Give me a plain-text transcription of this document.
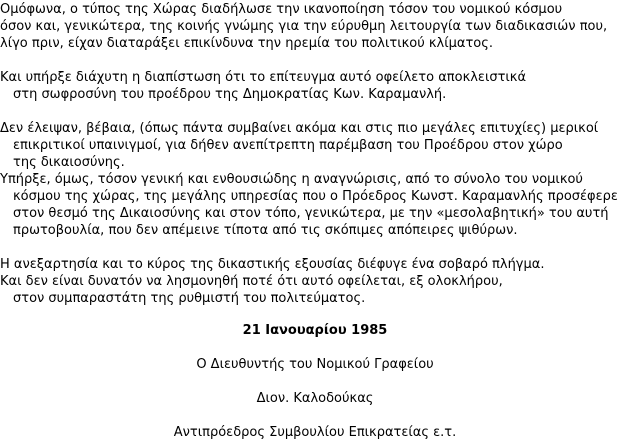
Ομόφωνα, ο τύπος της Χώρας διαδήλωσε την ικανοποίηση τόσον του νομικού κόσμου
όσον και, γενικώτερα, της κοινής γνώμης για την εύρυθμη λειτουργία των διαδικασιών που,
λίγο πριν, είχαν διαταράξει επικίνδυνα την ηρεμία του πολιτικού κλίματος.
Και υπήρξε διάχυτη η διαπίστωση ότι το επίτευγμα αυτό οφείλετο αποκλειστικά
στη σωφροσύνη του προέδρου της Δημοκρατίας Κων. Καραμανλή.
Δεν έλειψαν, βέβαια, (όπως πάντα συμβαίνει ακόμα και στις πιο μεγάλες επιτυχίες) μερικοί
επικριτικοί υπαινιγμοί, για δήθεν ανεπίτρεπτη παρέμβαση του Προέδρου στον χώρο
της δικαιοσύνης.
Υπήρξε, όμως, τόσον γενική και ενθουσιώδης η αναγνώρισις, από το σύνολο του νομικού
κόσμου της χώρας, της μεγάλης υπηρεσίας που ο Πρόεδρος Κωνστ. Καραμανλής προσέφερε
στον θεσμό της Δικαιοσύνης και στον τόπο, γενικώτερα, με την «μεσολαβητική» του αυτή
πρωτοβουλία, που δεν απέμεινε τίποτα από τις σκόπιμες απόπειρες ψιθύρων.
Η ανεξαρτησία και το κύρος της δικαστικής εξουσίας διέφυγε ένα σοβαρό πλήγμα.
Και δεν είναι δυνατόν να λησμονηθή ποτέ ότι αυτό οφείλεται, εξ ολοκλήρου,
στον συμπαραστάτη της ρυθμιστή του πολιτεύματος.
21 Ιανουαρίου 1985
Ο Διευθυντής του Νομικού Γραφείου
Διον. Καλοδούκας
Αντιπρόεδρος Συμβουλίου Επικρατείας ε.τ.
